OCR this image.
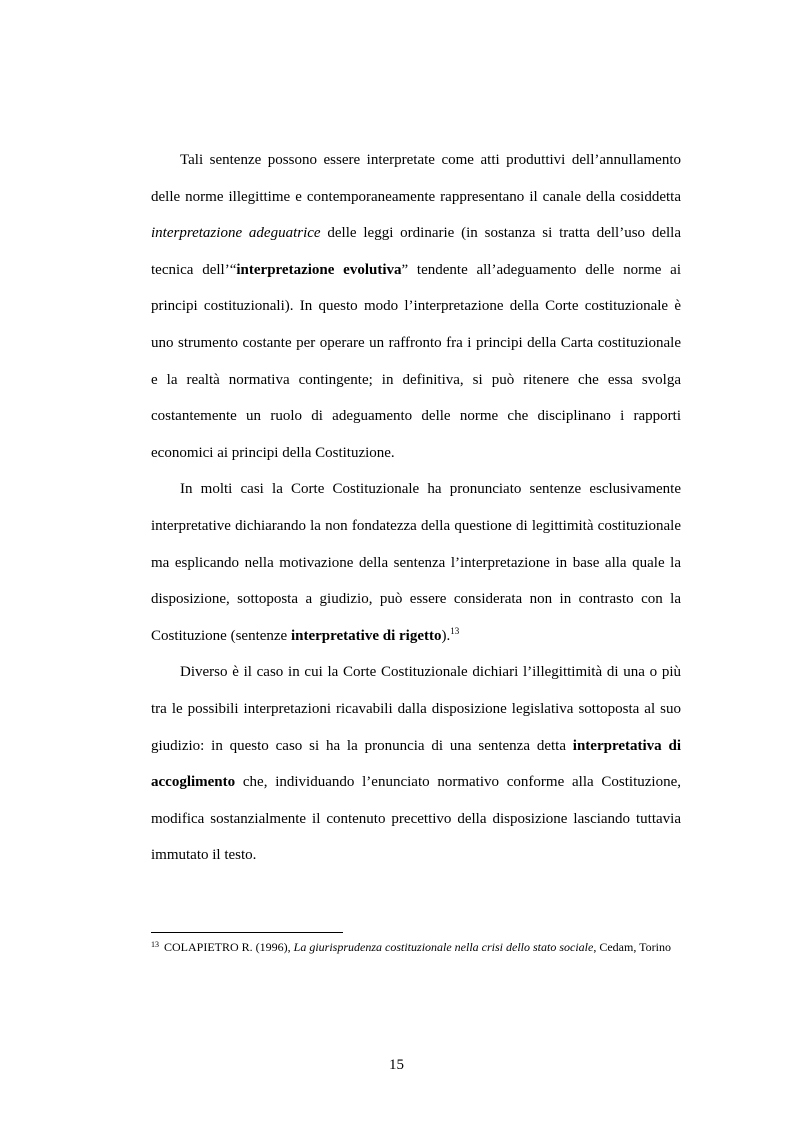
Tali sentenze possono essere interpretate come atti produttivi dell’annullamento delle norme illegittime e contemporaneamente rappresentano il canale della cosiddetta interpretazione adeguatrice delle leggi ordinarie (in sostanza si tratta dell’uso della tecnica dell’“interpretazione evolutiva” tendente all’adeguamento delle norme ai principi costituzionali). In questo modo l’interpretazione della Corte costituzionale è uno strumento costante per operare un raffronto fra i principi della Carta costituzionale e la realtà normativa contingente; in definitiva, si può ritenere che essa svolga costantemente un ruolo di adeguamento delle norme che disciplinano i rapporti economici ai principi della Costituzione.

In molti casi la Corte Costituzionale ha pronunciato sentenze esclusivamente interpretative dichiarando la non fondatezza della questione di legittimità costituzionale ma esplicando nella motivazione della sentenza l’interpretazione in base alla quale la disposizione, sottoposta a giudizio, può essere considerata non in contrasto con la Costituzione (sentenze interpretative di rigetto).$^{13}$

Diverso è il caso in cui la Corte Costituzionale dichiari l’illegittimità di una o più tra le possibili interpretazioni ricavabili dalla disposizione legislativa sottoposta al suo giudizio: in questo caso si ha la pronuncia di una sentenza detta interpretativa di accoglimento che, individuando l’enunciato normativo conforme alla Costituzione, modifica sostanzialmente il contenuto precettivo della disposizione lasciando tuttavia immutato il testo.

$^{13}$ COLAPIETRO R. (1996), La giurisprudenza costituzionale nella crisi dello stato sociale, Cedam, Torino
15
